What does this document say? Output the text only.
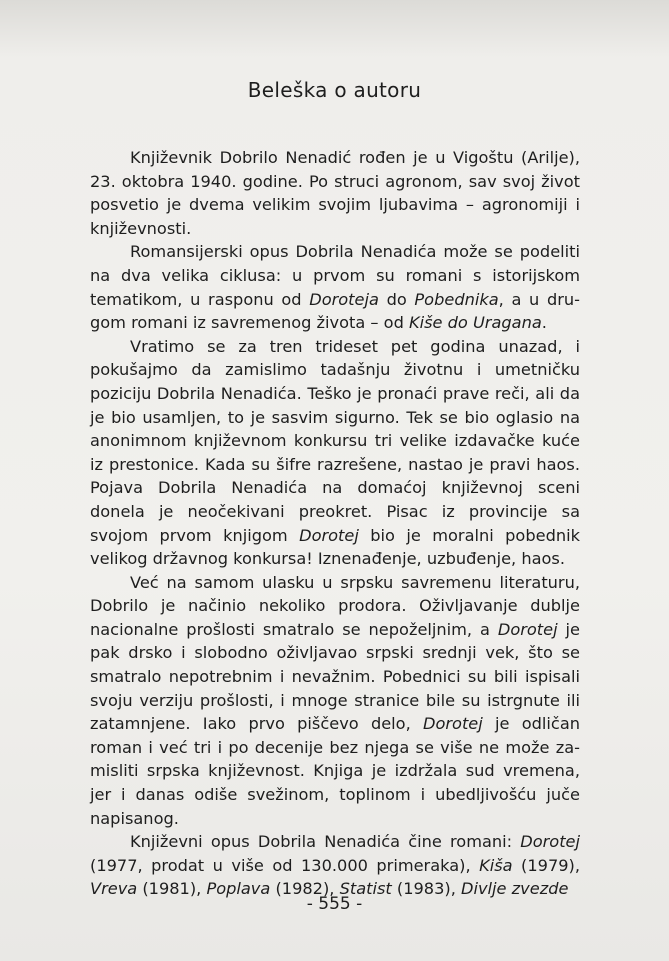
Beleška o autoru

Književnik Dobrilo Nenadić rođen je u Vigoštu (Arilje), 23. oktobra 1940. godine. Po struci agronom, sav svoj život posvetio je dvema velikim svojim ljubavima – agronomiji i književnosti.

Romansijerski opus Dobrila Nenadića može se podeliti na dva velika ciklusa: u prvom su romani s istorijskom tematikom, u rasponu od Doroteja do Pobednika, a u drugom romani iz savremenog života – od Kiše do Uragana.

Vratimo se za tren trideset pet godina unazad, i pokušajmo da zamislimo tadašnju životnu i umetničku poziciju Dobrila Nenadića. Teško je pronaći prave reči, ali da je bio usamljen, to je sasvim sigurno. Tek se bio oglasio na anonimnom književnom konkursu tri velike izdavačke kuće iz prestonice. Kada su šifre razrešene, nastao je pravi haos. Pojava Dobrila Nenadića na domaćoj književnoj sceni donela je neočekivani preokret. Pisac iz provincije sa svojom prvom knjigom Dorotej bio je moralni pobednik velikog državnog konkursa! Iznenađenje, uzbuđenje, haos.

Već na samom ulasku u srpsku savremenu literaturu, Dobrilo je načinio nekoliko prodora. Oživljavanje dublje nacionalne prošlosti smatralo se nepoželjnim, a Dorotej je pak drsko i slobodno oživljavao srpski srednji vek, što se smatralo nepotrebnim i nevažnim. Pobednici su bili ispisali svoju verziju prošlosti, i mnoge stranice bile su istrgnute ili zatamnjene. Iako prvo piščevo delo, Dorotej je odličan roman i već tri i po decenije bez njega se više ne može zamisliti srpska književnost. Knjiga je izdržala sud vremena, jer i danas odiše svežinom, toplinom i ubedljivošću juče napisanog.

Književni opus Dobrila Nenadića čine romani: Dorotej (1977, prodat u više od 130.000 primeraka), Kiša (1979), Vreva (1981), Poplava (1982), Statist (1983), Divlje zvezde

- 555 -
